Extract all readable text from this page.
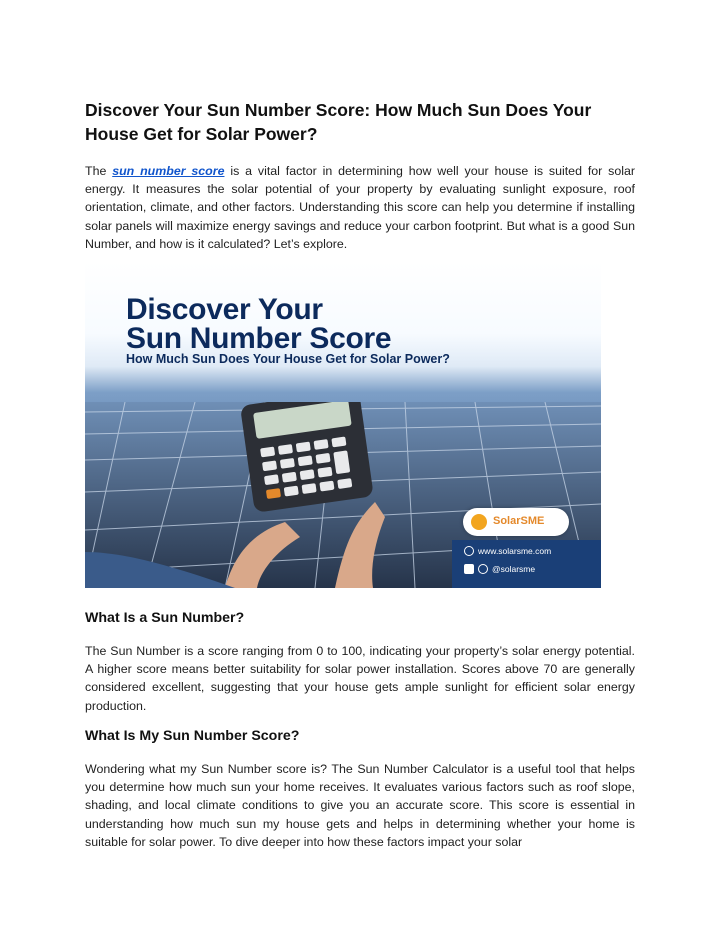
Discover Your Sun Number Score: How Much Sun Does Your House Get for Solar Power?

The sun number score is a vital factor in determining how well your house is suited for solar energy. It measures the solar potential of your property by evaluating sunlight exposure, roof orientation, climate, and other factors. Understanding this score can help you determine if installing solar panels will maximize energy savings and reduce your carbon footprint. But what is a good Sun Number, and how is it calculated? Let’s explore.

Discover Your
Sun Number Score
How Much Sun Does Your House Get for Solar Power?
SolarSME
www.solarsme.com
@solarsme
What Is a Sun Number?

The Sun Number is a score ranging from 0 to 100, indicating your property’s solar energy potential. A higher score means better suitability for solar power installation. Scores above 70 are generally considered excellent, suggesting that your house gets ample sunlight for efficient solar energy production.

What Is My Sun Number Score?

Wondering what my Sun Number score is? The Sun Number Calculator is a useful tool that helps you determine how much sun your home receives. It evaluates various factors such as roof slope, shading, and local climate conditions to give you an accurate score. This score is essential in understanding how much sun my house gets and helps in determining whether your home is suitable for solar power. To dive deeper into how these factors impact your solar
